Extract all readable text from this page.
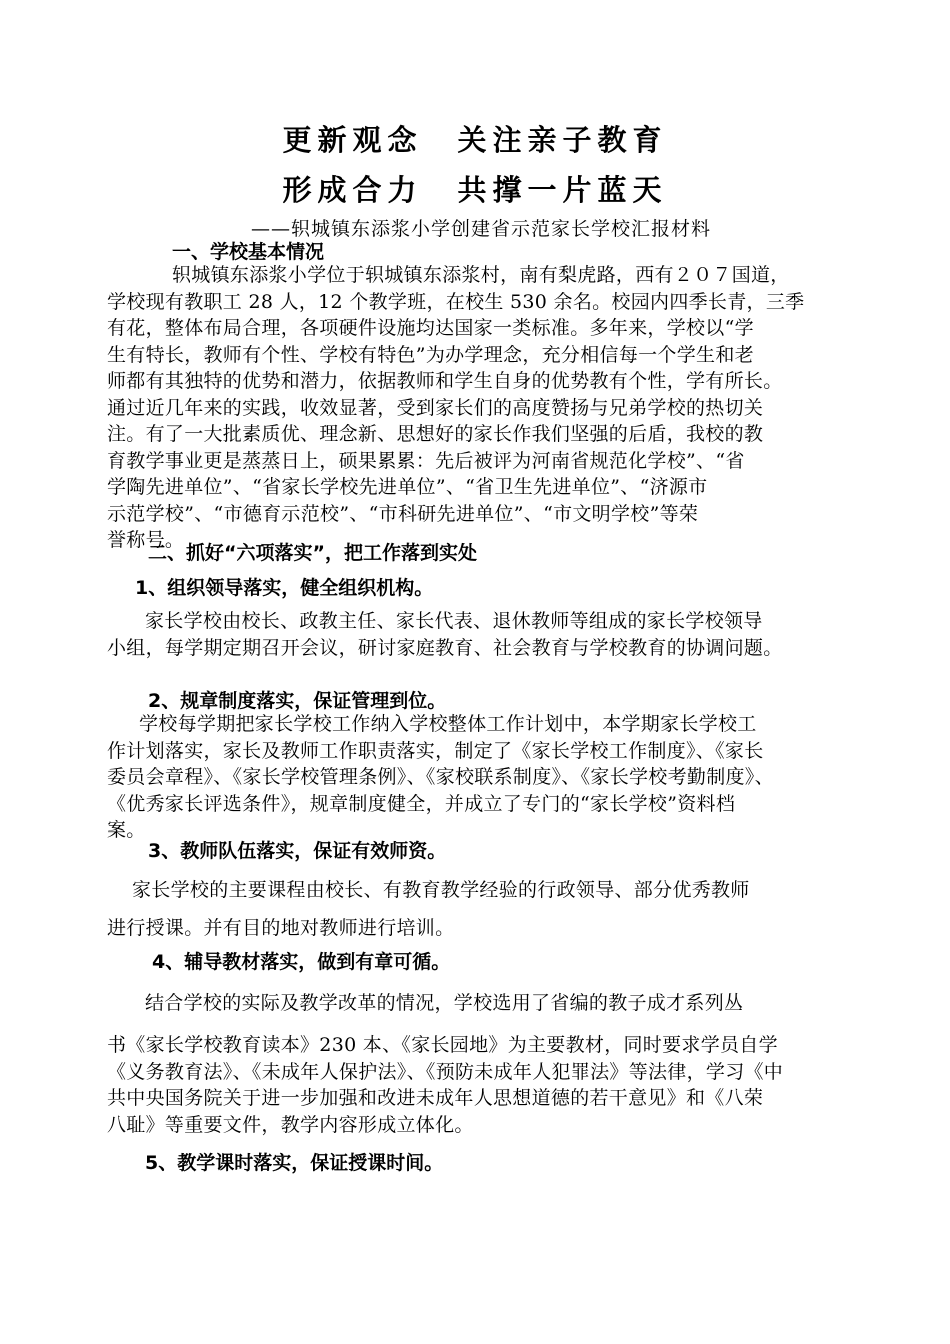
更新观念　关注亲子教育
形成合力　共撑一片蓝天
——轵城镇东添浆小学创建省示范家长学校汇报材料
一、学校基本情况
轵城镇东添浆小学位于轵城镇东添浆村，南有梨虎路，西有２０７国道，
学校现有教职工 28 人，12 个教学班，在校生 530 余名。校园内四季长青，三季
有花，整体布局合理，各项硬件设施均达国家一类标准。多年来，学校以“学
生有特长，教师有个性、学校有特色”为办学理念，充分相信每一个学生和老
师都有其独特的优势和潜力，依据教师和学生自身的优势教有个性，学有所长。
通过近几年来的实践，收效显著，受到家长们的高度赞扬与兄弟学校的热切关
注。有了一大批素质优、理念新、思想好的家长作我们坚强的后盾，我校的教
育教学事业更是蒸蒸日上，硕果累累：先后被评为河南省规范化学校”、“省
学陶先进单位”、“省家长学校先进单位”、“省卫生先进单位”、“济源市
示范学校”、“市德育示范校”、“市科研先进单位”、“市文明学校”等荣
誉称号。
二、抓好“六项落实”，把工作落到实处
1、组织领导落实，健全组织机构。
家长学校由校长、政教主任、家长代表、退休教师等组成的家长学校领导
小组，每学期定期召开会议，研讨家庭教育、社会教育与学校教育的协调问题。
2、规章制度落实，保证管理到位。
学校每学期把家长学校工作纳入学校整体工作计划中，本学期家长学校工
作计划落实，家长及教师工作职责落实，制定了《家长学校工作制度》、《家长
委员会章程》、《家长学校管理条例》、《家校联系制度》、《家长学校考勤制度》、
《优秀家长评选条件》，规章制度健全，并成立了专门的“家长学校”资料档
案。
3、教师队伍落实，保证有效师资。
家长学校的主要课程由校长、有教育教学经验的行政领导、部分优秀教师
进行授课。并有目的地对教师进行培训。
4、辅导教材落实，做到有章可循。
结合学校的实际及教学改革的情况，学校选用了省编的教子成才系列丛
书《家长学校教育读本》230 本、《家长园地》为主要教材，同时要求学员自学
《义务教育法》、《未成年人保护法》、《预防未成年人犯罪法》等法律，学习《中
共中央国务院关于进一步加强和改进未成年人思想道德的若干意见》和《八荣
八耻》等重要文件，教学内容形成立体化。
5、教学课时落实，保证授课时间。
